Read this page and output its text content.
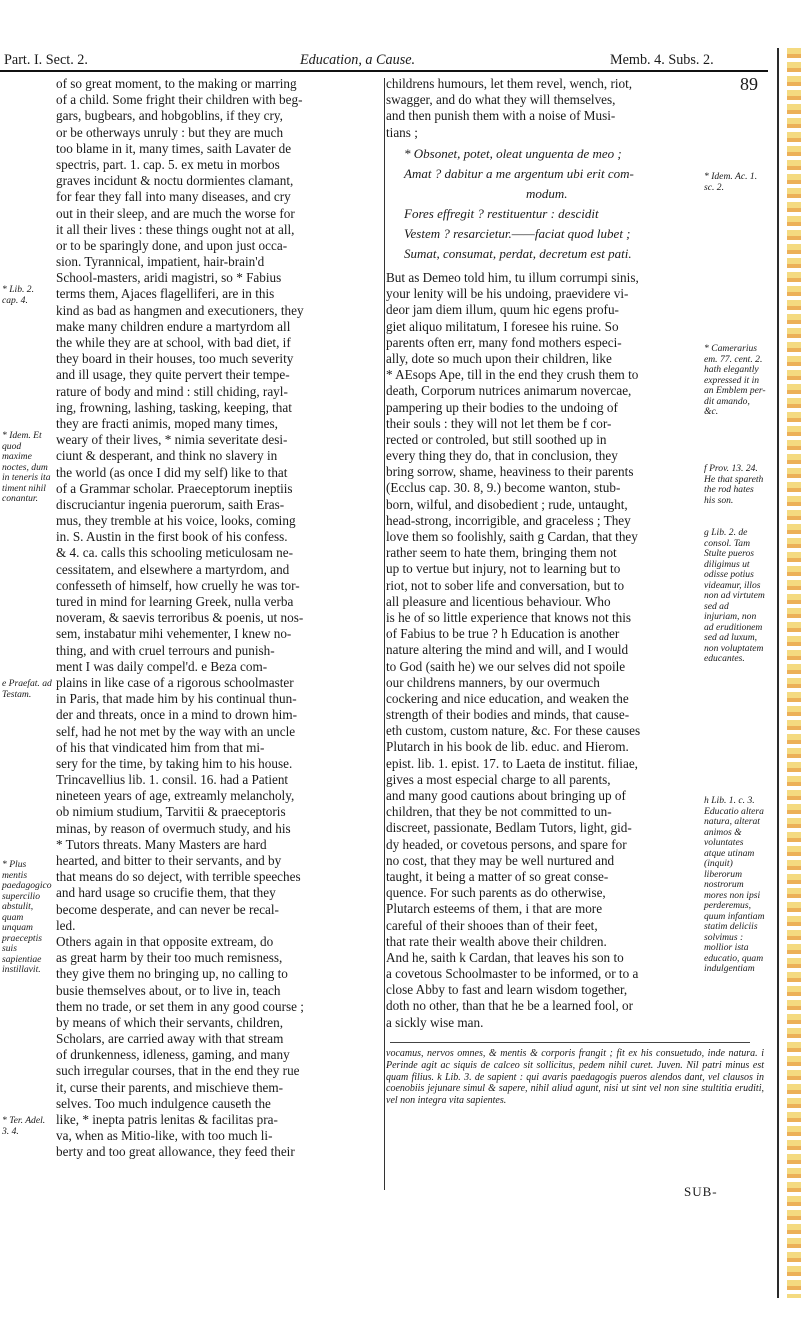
Part. I. Sect. 2.	Education, a Cause.	Memb. 4. Subs. 2.
* Lib. 2. cap. 4.
* Idem. Et quod maxime noctes, dum in teneris ita timent nihil conantur.
e Praefat. ad Testam.
* Plus mentis paedagogico supercilio abstulit, quam unquam praeceptis suis sapientiae instillavit.
* Ter. Adel. 3. 4.
of so great moment, to the making or marring
of a child. Some fright their children with beg-
gars, bugbears, and hobgoblins, if they cry,
or be otherways unruly : but they are much
too blame in it, many times, saith Lavater de
spectris, part. 1. cap. 5. ex metu in morbos
graves incidunt & noctu dormientes clamant,
for fear they fall into many diseases, and cry
out in their sleep, and are much the worse for
it all their lives : these things ought not at all,
or to be sparingly done, and upon just occa-
sion. Tyrannical, impatient, hair-brain'd
School-masters, aridi magistri, so * Fabius
terms them, Ajaces flagelliferi, are in this
kind as bad as hangmen and executioners, they
make many children endure a martyrdom all
the while they are at school, with bad diet, if
they board in their houses, too much severity
and ill usage, they quite pervert their tempe-
rature of body and mind : still chiding, rayl-
ing, frowning, lashing, tasking, keeping, that
they are fracti animis, moped many times,
weary of their lives, * nimia severitate desi-
ciunt & desperant, and think no slavery in
the world (as once I did my self) like to that
of a Grammar scholar. Praeceptorum ineptiis
discruciantur ingenia puerorum, saith Eras-
mus, they tremble at his voice, looks, coming
in. S. Austin in the first book of his confess.
& 4. ca. calls this schooling meticulosam ne-
cessitatem, and elsewhere a martyrdom, and
confesseth of himself, how cruelly he was tor-
tured in mind for learning Greek, nulla verba
noveram, & saevis terroribus & poenis, ut nos-
sem, instabatur mihi vehementer, I knew no-
thing, and with cruel terrours and punish-
ment I was daily compel'd. e Beza com-
plains in like case of a rigorous schoolmaster
in Paris, that made him by his continual thun-
der and threats, once in a mind to drown him-
self, had he not met by the way with an uncle
of his that vindicated him from that mi-
sery for the time, by taking him to his house.
Trincavellius lib. 1. consil. 16. had a Patient
nineteen years of age, extreamly melancholy,
ob nimium studium, Tarvitii & praeceptoris
minas, by reason of overmuch study, and his
* Tutors threats. Many Masters are hard
hearted, and bitter to their servants, and by
that means do so deject, with terrible speeches
and hard usage so crucifie them, that they
become desperate, and can never be recal-
led.
Others again in that opposite extream, do
as great harm by their too much remisness,
they give them no bringing up, no calling to
busie themselves about, or to live in, teach
them no trade, or set them in any good course ;
by means of which their servants, children,
Scholars, are carried away with that stream
of drunkenness, idleness, gaming, and many
such irregular courses, that in the end they rue
it, curse their parents, and mischieve them-
selves. Too much indulgence causeth the
like, * inepta patris lenitas & facilitas pra-
va, when as Mitio-like, with too much li-
berty and too great allowance, they feed their
89
childrens humours, let them revel, wench, riot,
swagger, and do what they will themselves,
and then punish them with a noise of Musi-
tians ;
* Obsonet, potet, oleat unguenta de meo ;
Amat ? dabitur a me argentum ubi erit com-
modum.
Fores effregit ? restituentur : descidit
Vestem ? resarcietur.——faciat quod lubet ;
Sumat, consumat, perdat, decretum est pati.
But as Demeo told him, tu illum corrumpi sinis,
your lenity will be his undoing, praevidere vi-
deor jam diem illum, quum hic egens profu-
giet aliquo militatum, I foresee his ruine. So
parents often err, many fond mothers especi-
ally, dote so much upon their children, like
* AEsops Ape, till in the end they crush them to
death, Corporum nutrices animarum novercae,
pampering up their bodies to the undoing of
their souls : they will not let them be f cor-
rected or controled, but still soothed up in
every thing they do, that in conclusion, they
bring sorrow, shame, heaviness to their parents
(Ecclus cap. 30. 8, 9.) become wanton, stub-
born, wilful, and disobedient ; rude, untaught,
head-strong, incorrigible, and graceless ; They
love them so foolishly, saith g Cardan, that they
rather seem to hate them, bringing them not
up to vertue but injury, not to learning but to
riot, not to sober life and conversation, but to
all pleasure and licentious behaviour. Who
is he of so little experience that knows not this
of Fabius to be true ? h Education is another
nature altering the mind and will, and I would
to God (saith he) we our selves did not spoile
our childrens manners, by our overmuch
cockering and nice education, and weaken the
strength of their bodies and minds, that cause-
eth custom, custom nature, &c. For these causes
Plutarch in his book de lib. educ. and Hierom.
epist. lib. 1. epist. 17. to Laeta de institut. filiae,
gives a most especial charge to all parents,
and many good cautions about bringing up of
children, that they be not committed to un-
discreet, passionate, Bedlam Tutors, light, gid-
dy headed, or covetous persons, and spare for
no cost, that they may be well nurtured and
taught, it being a matter of so great conse-
quence. For such parents as do otherwise,
Plutarch esteems of them, i that are more
careful of their shooes than of their feet,
that rate their wealth above their children.
And he, saith k Cardan, that leaves his son to
a covetous Schoolmaster to be informed, or to a
close Abby to fast and learn wisdom together,
doth no other, than that he be a learned fool, or
a sickly wise man.
* Idem. Ac. 1. sc. 2.
* Camerarius em. 77. cent. 2. hath elegantly expressed it in an Emblem per-dit amando, &c.
f Prov. 13. 24. He that spareth the rod hates his son.
g Lib. 2. de consol. Tam Stulte pueros diligimus ut odisse potius videamur, illos non ad virtutem sed ad injuriam, non ad eruditionem sed ad luxum, non voluptatem educantes.
h Lib. 1. c. 3. Educatio altera natura, alterat animos & voluntates atque utinam (inquit) liberorum nostrorum mores non ipsi perderemus, quum infantiam statim deliciis solvimus : mollior ista educatio, quam indulgentiam
vocamus, nervos omnes, & mentis & corporis frangit ; fit ex his consuetudo, inde natura. i Perinde agit ac siquis de calceo sit sollicitus, pedem nihil curet. Juven. Nil patri minus est quam filius. k Lib. 3. de sapient : qui avaris paedagogis pueros alendos dant, vel clausos in coenobiis jejunare simul & sapere, nihil aliud agunt, nisi ut sint vel non sine stultitia eruditi, vel non integra vita sapientes.
SUB-
